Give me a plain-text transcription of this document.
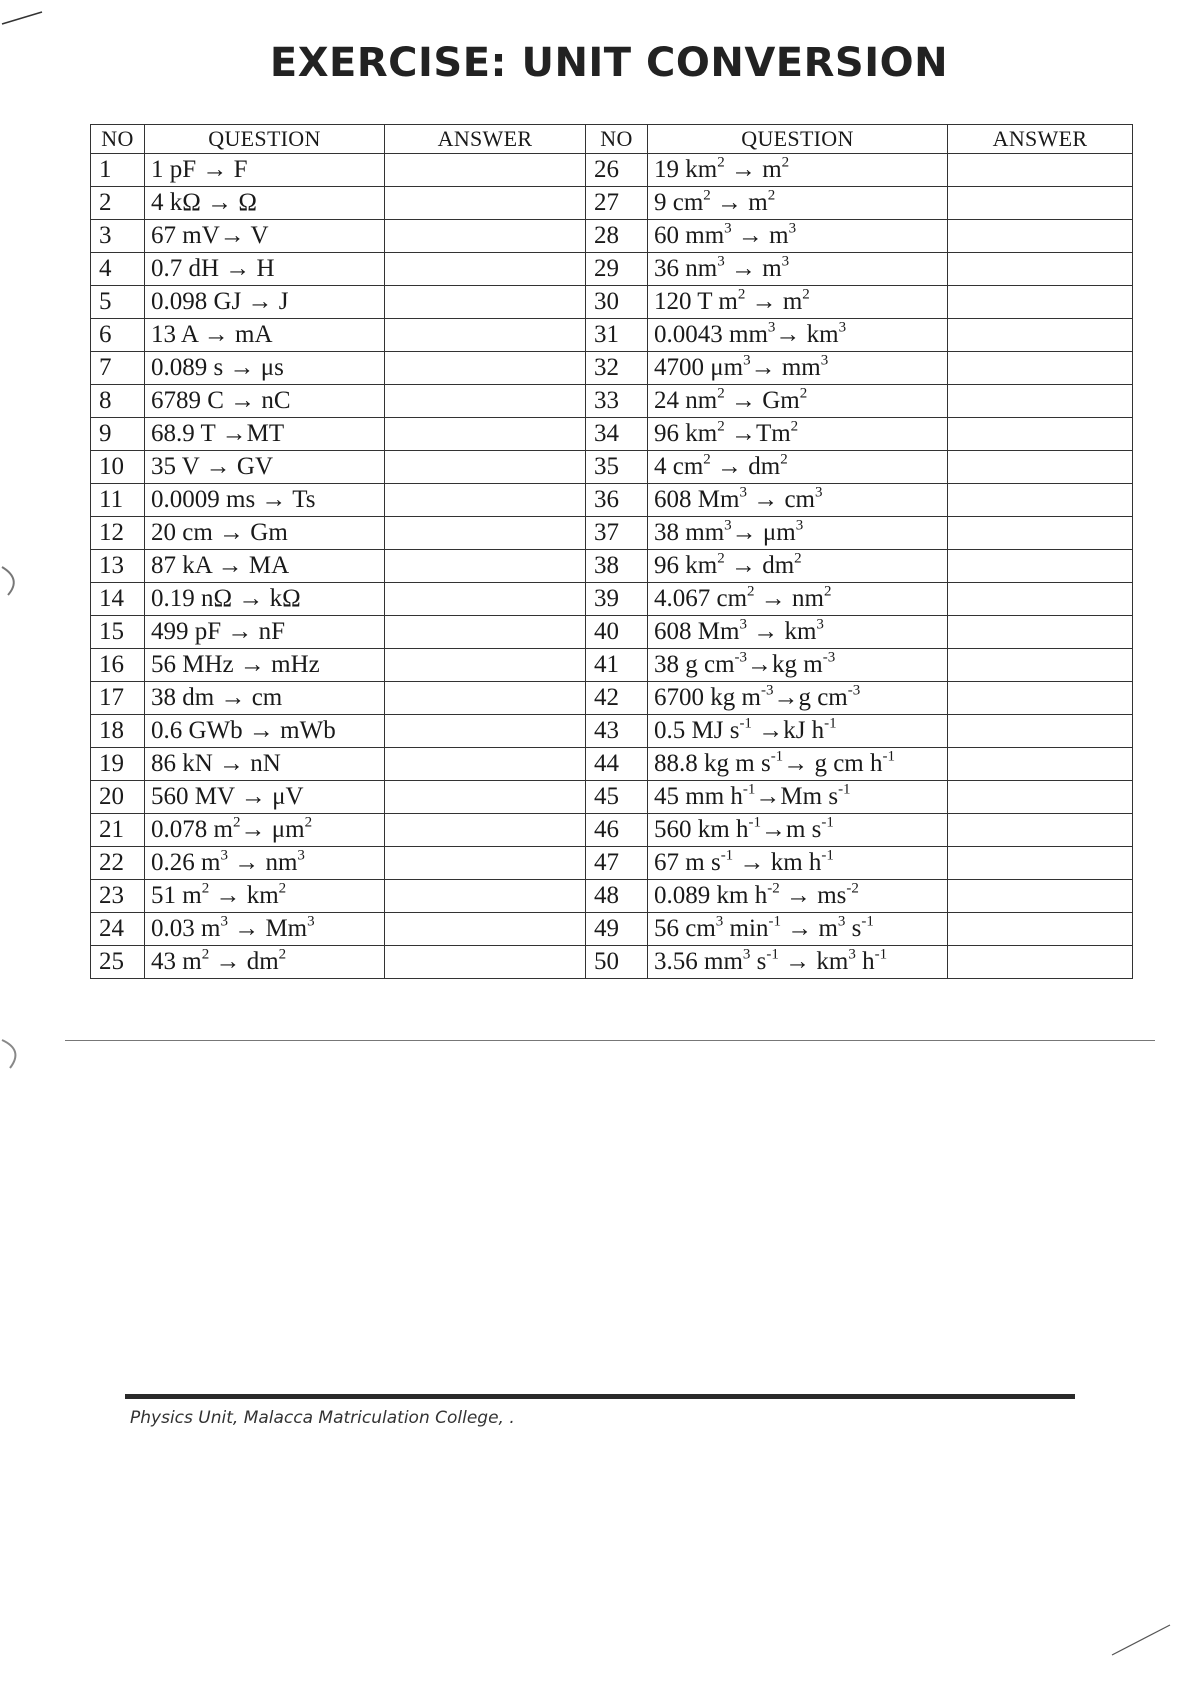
EXERCISE: UNIT CONVERSION
NO	QUESTION	ANSWER	NO	QUESTION	ANSWER
1	1 pF → F		26	19 $km^2 \to m^2$	
2	4 kΩ → Ω		27	9 $cm^2 \to m^2$	
3	67 mV→ V		28	60 $mm^3 \to m^3$	
4	0.7 dH → H		29	36 $nm^3 \to m^3$	
5	0.098 GJ → J		30	120 T $m^2 \to m^2$	
6	13 A → mA		31	0.0043 $mm^3\to km^3$	
7	0.089 s → μs		32	4700 $\mu m^3\to mm^3$	
8	6789 C → nC		33	24 $nm^2 \to Gm^2$	
9	68.9 T →MT		34	96 $km^2 \to Tm^2$	
10	35 V → GV		35	4 $cm^2 \to dm^2$	
11	0.0009 ms → Ts		36	608 $Mm^3 \to cm^3$	
12	20 cm → Gm		37	38 $mm^3\to \mu m^3$	
13	87 kA → MA		38	96 $km^2 \to dm^2$	
14	0.19 nΩ → kΩ		39	4.067 $cm^2 \to nm^2$	
15	499 pF → nF		40	608 $Mm^3 \to km^3$	
16	56 MHz → mHz		41	38 g $cm^{-3}\to kg$ $m^{-3}$	
17	38 dm → cm		42	6700 kg $m^{-3}\to g$ $cm^{-3}$	
18	0.6 GWb → mWb		43	0.5 MJ $s^{-1} \to kJ$ $h^{-1}$	
19	86 kN → nN		44	88.8 kg m $s^{-1}\to g$ cm $h^{-1}$	
20	560 MV → μV		45	45 mm $h^{-1}\to Mm$ $s^{-1}$	
21	0.078 $m^2\to \mu m^2$		46	560 km $h^{-1}\to m$ $s^{-1}$	
22	0.26 $m^3 \to nm^3$		47	67 m $s^{-1}$ → km $h^{-1}$	
23	51 $m^2 \to km^2$		48	0.089 km $h^{-2} \to ms^{-2}$	
24	0.03 $m^3 \to Mm^3$		49	56 $cm^3$ $\min^{-1} \to m^3$ $s^{-1}$	
25	43 $m^2 \to dm^2$		50	3.56 $mm^3$ $s^{-1} \to km^3$ $h^{-1}$	
Physics Unit, Malacca Matriculation College, .
